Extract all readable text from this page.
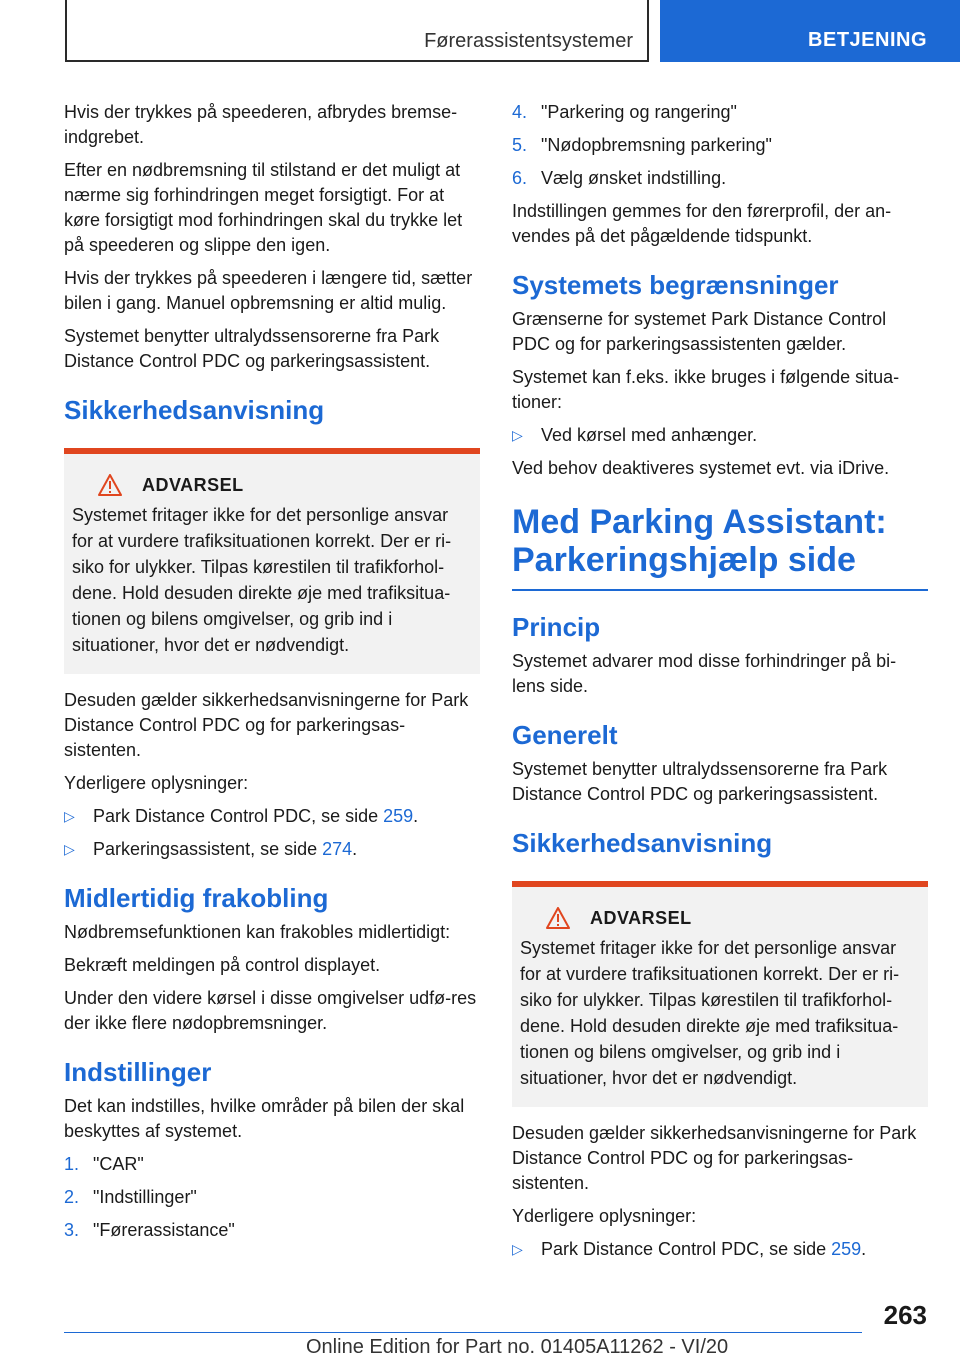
Førerassistentsystemer	BETJENING

Hvis der trykkes på speederen, afbrydes bremse-indgrebet.

Efter en nødbremsning til stilstand er det muligt at nærme sig forhindringen meget forsigtigt. For at køre forsigtigt mod forhindringen skal du trykke let på speederen og slippe den igen.

Hvis der trykkes på speederen i længere tid, sætter bilen i gang. Manuel opbremsning er altid mulig.

Systemet benytter ultralydssensorerne fra Park Distance Control PDC og parkeringsassistent.

Sikkerhedsanvisning
ADVARSEL

Systemet fritager ikke for det personlige ansvar for at vurdere trafiksituationen korrekt. Der er ri-siko for ulykker. Tilpas kørestilen til trafikforhol-dene. Hold desuden direkte øje med trafiksitua-tionen og bilens omgivelser, og grib ind i situationer, hvor det er nødvendigt.

Desuden gælder sikkerhedsanvisningerne for Park Distance Control PDC og for parkeringsas-sistenten.

Yderligere oplysninger:

▷	Park Distance Control PDC, se side 259.
▷	Parkeringsassistent, se side 274.
Midlertidig frakobling

Nødbremsefunktionen kan frakobles midlertidigt:

Bekræft meldingen på control displayet.

Under den videre kørsel i disse omgivelser udfø-res der ikke flere nødopbremsninger.

Indstillinger

Det kan indstilles, hvilke områder på bilen der skal beskyttes af systemet.

1. "CAR"
2. "Indstillinger"
3. "Førerassistance"
4. "Parkering og rangering"
5. "Nødopbremsning parkering"
6. Vælg ønsket indstilling.

Indstillingen gemmes for den førerprofil, der an-vendes på det pågældende tidspunkt.

Systemets begrænsninger

Grænserne for systemet Park Distance Control PDC og for parkeringsassistenten gælder.

Systemet kan f.eks. ikke bruges i følgende situa-tioner:

▷	Ved kørsel med anhænger.

Ved behov deaktiveres systemet evt. via iDrive.

Med Parking Assistant: Parkeringshjælp side
Princip

Systemet advarer mod disse forhindringer på bi-lens side.

Generelt

Systemet benytter ultralydssensorerne fra Park Distance Control PDC og parkeringsassistent.

Sikkerhedsanvisning
ADVARSEL

Systemet fritager ikke for det personlige ansvar for at vurdere trafiksituationen korrekt. Der er ri-siko for ulykker. Tilpas kørestilen til trafikforhol-dene. Hold desuden direkte øje med trafiksitua-tionen og bilens omgivelser, og grib ind i situationer, hvor det er nødvendigt.

Desuden gælder sikkerhedsanvisningerne for Park Distance Control PDC og for parkeringsas-sistenten.

Yderligere oplysninger:

▷	Park Distance Control PDC, se side 259.
263
Online Edition for Part no. 01405A11262 - VI/20
